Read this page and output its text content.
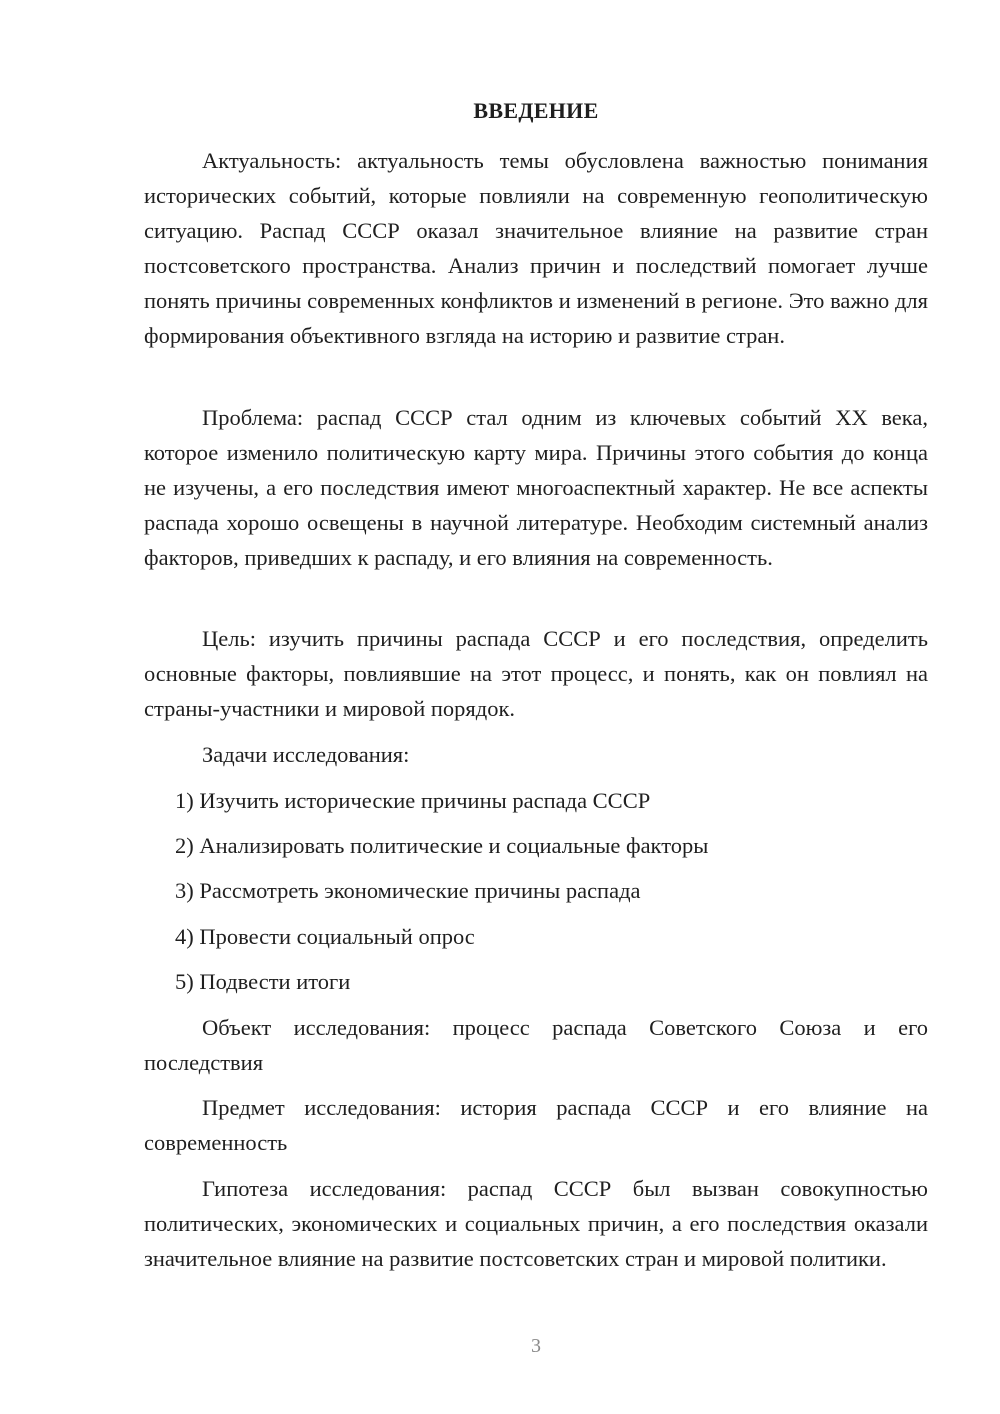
ВВЕДЕНИЕ

Актуальность: актуальность темы обусловлена важностью понимания исторических событий, которые повлияли на современную геополитическую ситуацию. Распад СССР оказал значительное влияние на развитие стран постсоветского пространства. Анализ причин и последствий помогает лучше понять причины современных конфликтов и изменений в регионе. Это важно для формирования объективного взгляда на историю и развитие стран.

Проблема: распад СССР стал одним из ключевых событий XX века, которое изменило политическую карту мира. Причины этого события до конца не изучены, а его последствия имеют многоаспектный характер. Не все аспекты распада хорошо освещены в научной литературе. Необходим системный анализ факторов, приведших к распаду, и его влияния на современность.

Цель: изучить причины распада СССР и его последствия, определить основные факторы, повлиявшие на этот процесс, и понять, как он повлиял на страны-участники и мировой порядок.

Задачи исследования:
1) Изучить исторические причины распада СССР
2) Анализировать политические и социальные факторы
3) Рассмотреть экономические причины распада
4) Провести социальный опрос
5) Подвести итоги

Объект исследования: процесс распада Советского Союза и его последствия

Предмет исследования: история распада СССР и его влияние на современность

Гипотеза исследования: распад СССР был вызван совокупностью политических, экономических и социальных причин, а его последствия оказали значительное влияние на развитие постсоветских стран и мировой политики.

3
